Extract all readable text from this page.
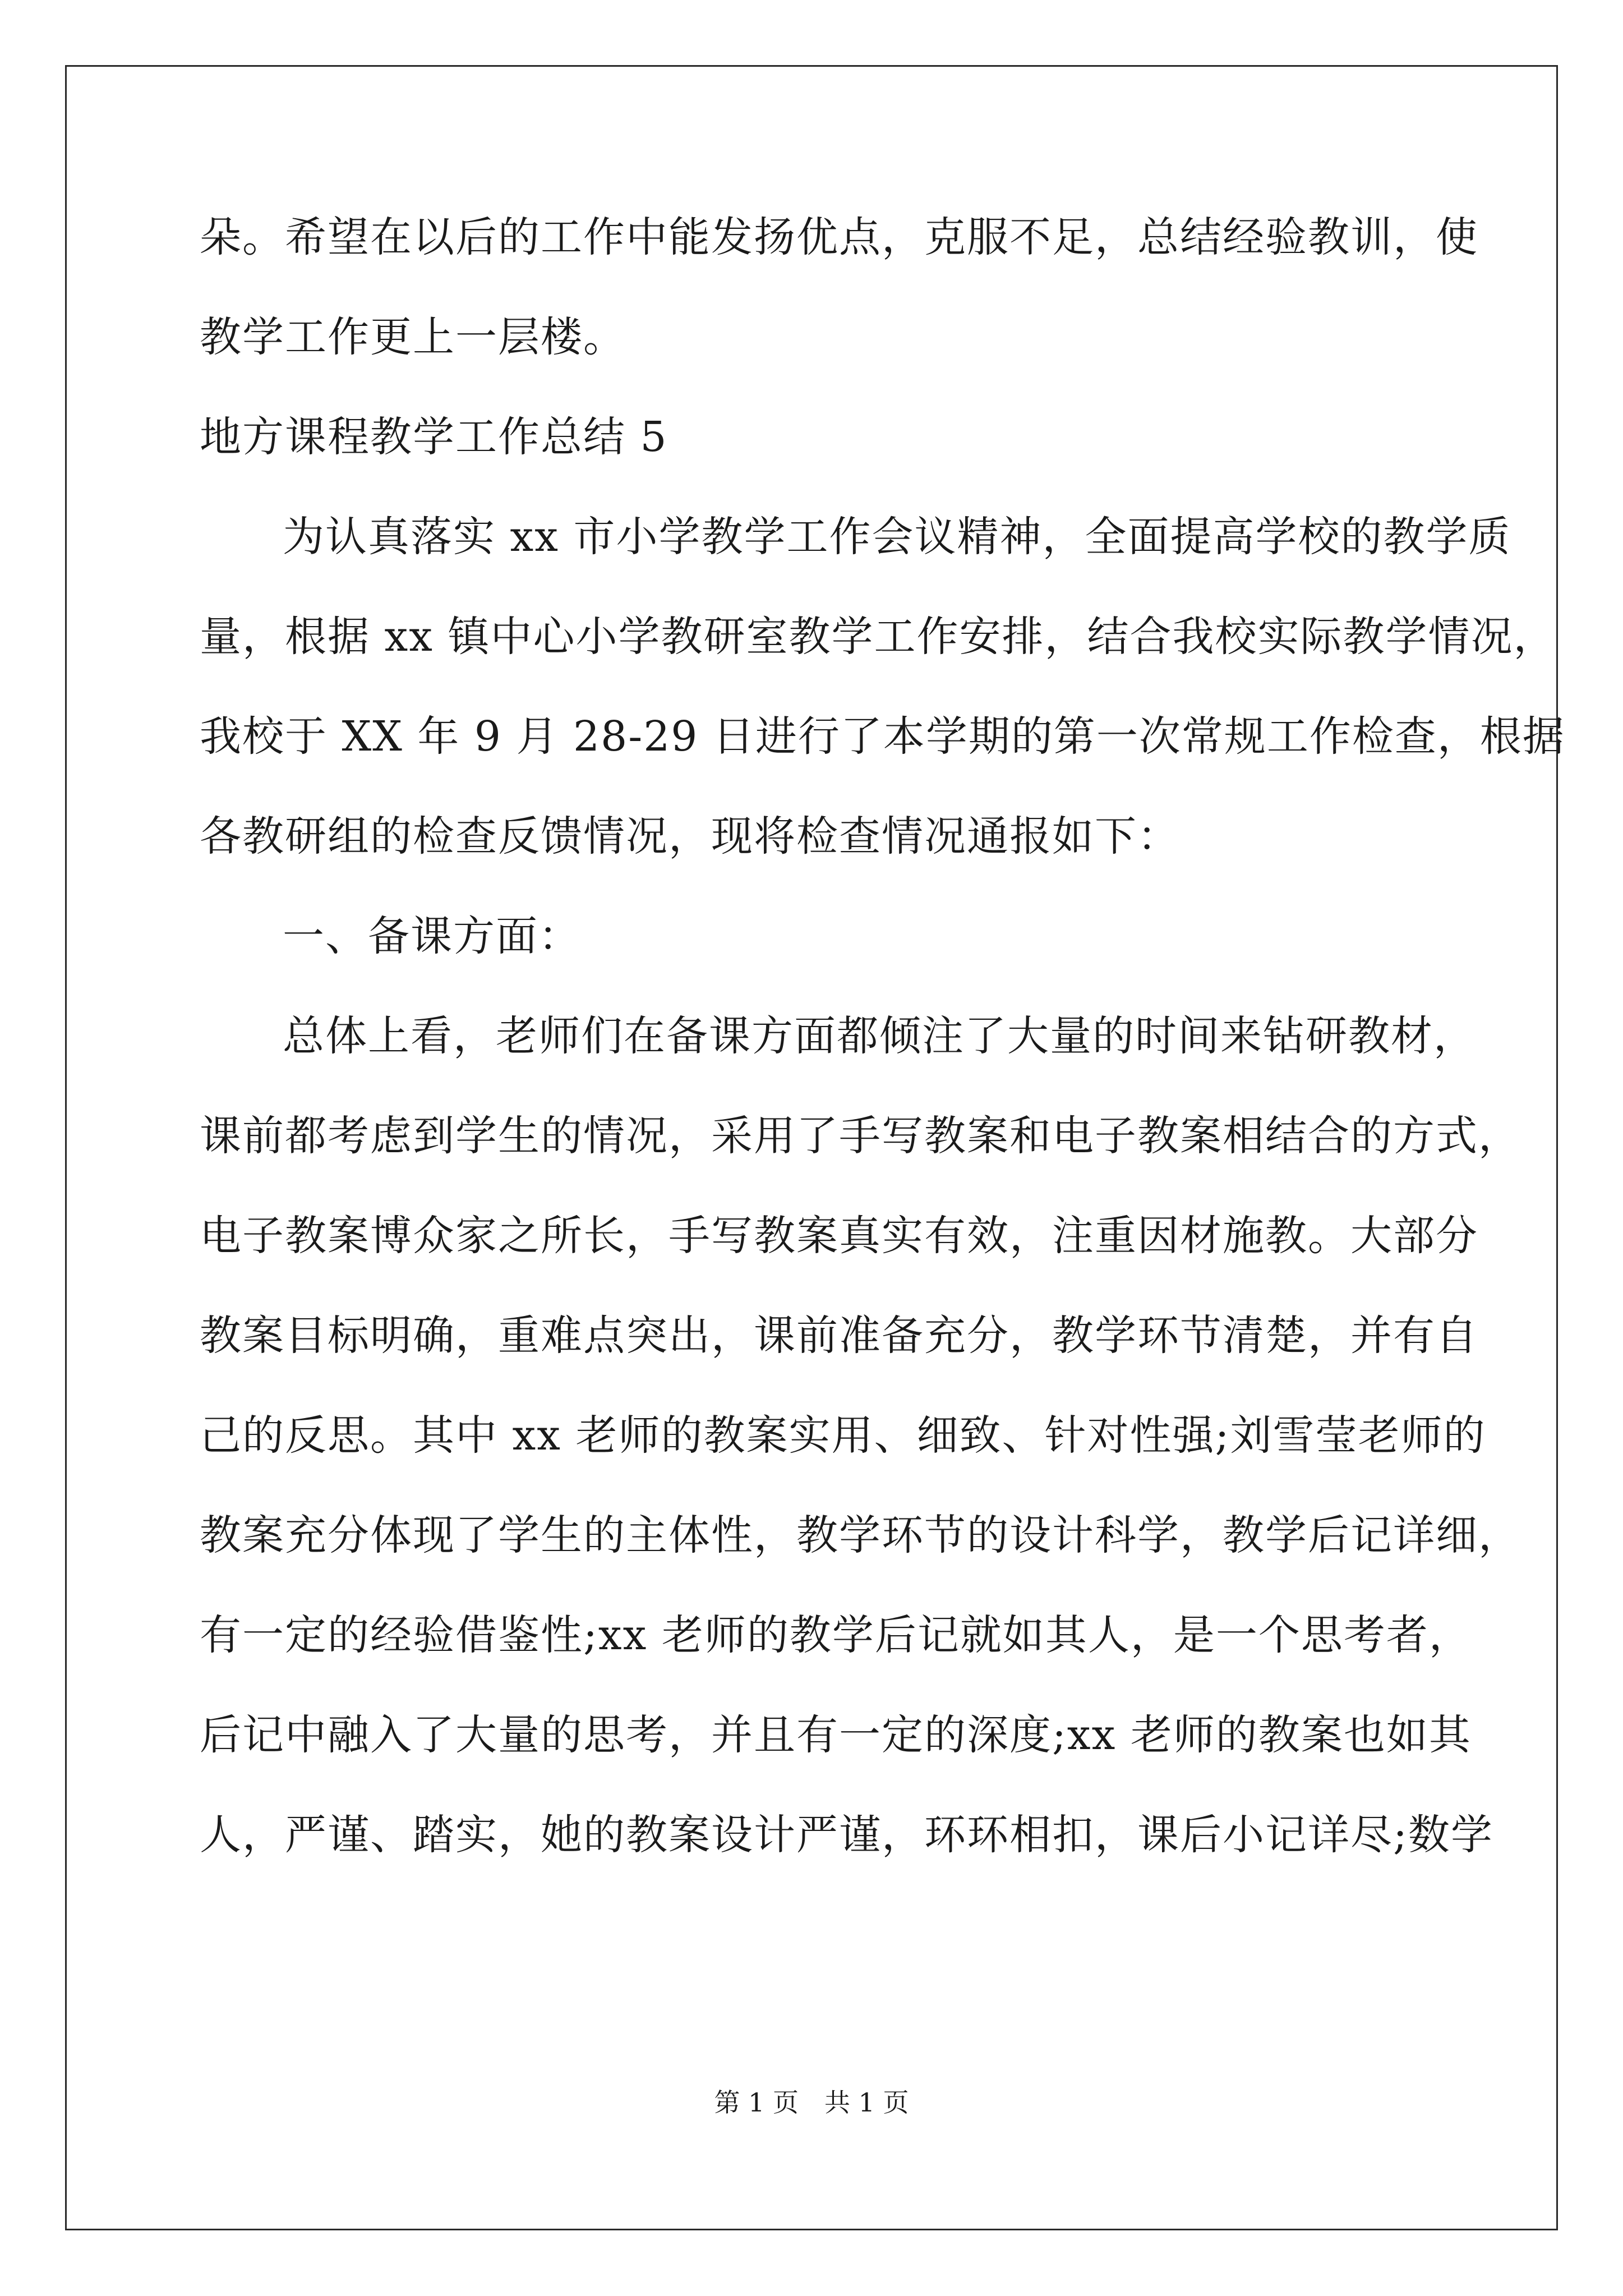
朵。希望在以后的工作中能发扬优点，克服不足，总结经验教训，使
教学工作更上一层楼。
地方课程教学工作总结 5
为认真落实 xx 市小学教学工作会议精神，全面提高学校的教学质
量，根据 xx 镇中心小学教研室教学工作安排，结合我校实际教学情况，
我校于 XX 年 9 月 28-29 日进行了本学期的第一次常规工作检查，根据
各教研组的检查反馈情况，现将检查情况通报如下：
一、备课方面：
总体上看，老师们在备课方面都倾注了大量的时间来钻研教材，
课前都考虑到学生的情况，采用了手写教案和电子教案相结合的方式，
电子教案博众家之所长，手写教案真实有效，注重因材施教。大部分
教案目标明确，重难点突出，课前准备充分，教学环节清楚，并有自
己的反思。其中 xx 老师的教案实用、细致、针对性强;刘雪莹老师的
教案充分体现了学生的主体性，教学环节的设计科学，教学后记详细，
有一定的经验借鉴性;xx 老师的教学后记就如其人，是一个思考者，
后记中融入了大量的思考，并且有一定的深度;xx 老师的教案也如其
人，严谨、踏实，她的教案设计严谨，环环相扣，课后小记详尽;数学
第 1 页　共 1 页
